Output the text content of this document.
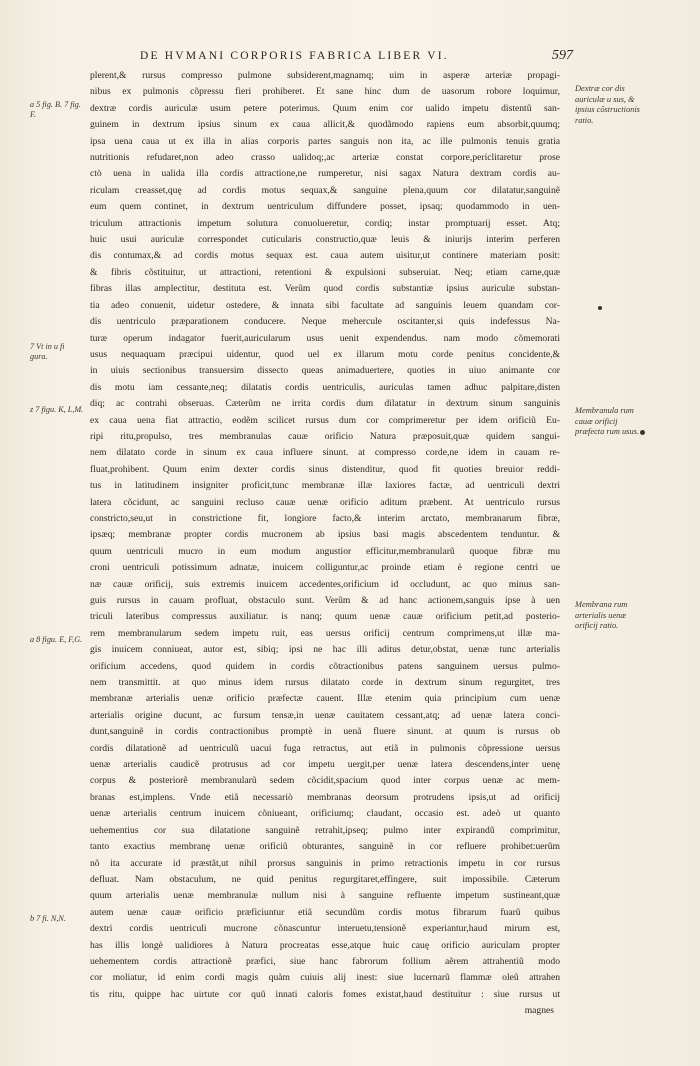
DE HVMANI CORPORIS FABRICA LIBER VI.	597
plerent,& rursus compresso pulmone subsiderent,magnamq; uim in asperæ arteriæ propagi-
nibus ex pulmonis cõpressu fieri prohiberet. Et sane hinc dum de uasorum robore loquimur,
dextræ cordis auriculæ usum petere poterimus. Quum enim cor ualido impetu distentũ san-
guinem in dextrum ipsius sinum ex caua allicit,& quodãmodo rapiens eum absorbit,quumq;
ipsa uena caua ut ex illa in alias corporis partes sanguis non ita, ac ille pulmonis tenuis gratia
nutritionis refudaret,non adeo crasso ualidoq;,ac arteriæ constat corpore,periclitaretur prose
ctò uena in ualida illa cordis attractione,ne rumperetur, nisi sagax Natura dextram cordis au-
riculam creasset,quę ad cordis motus sequax,& sanguine plena,quum cor dilatatur,sanguinẽ
eum quem continet, in dextrum uentriculum diffundere posset, ipsaq; quodammodo in uen-
triculum attractionis impetum solutura conuolueretur, cordiq; instar promptuarij esset. Atq;
huic usui auriculæ correspondet cuticularis constructio,quæ leuis & iniurijs interim perferen
dis contumax,& ad cordis motus sequax est. caua autem uisitur,ut continere materiam posit:
& fibris cõstituitur, ut attractioni, retentioni & expulsioni subseruiat. Neq; etiam carne,quæ
fibras illas amplectitur, destituta est. Verũm quod cordis substantiæ ipsius auriculæ substan-
tia adeo conuenit, uidetur ostedere, & innata sibi facultate ad sanguinis leuem quandam cor-
dis uentriculo præparationem conducere. Neque mehercule oscitanter,si quis indefessus Na-
turæ operum indagator fuerit,auricularum usus uenit expendendus. nam modo cõmemorati
usus nequaquam præcipui uidentur, quod uel ex illarum motu corde penitus concidente,&
in uiuis sectionibus transuersim dissecto queas animaduertere, quoties in uiuo animante cor
dis motu iam cessante,neq; dilatatis cordis uentriculis, auriculas tamen adhuc palpitare,disten
diq; ac contrahi obseruas. Cæterũm ne irrita cordis dum dilatatur in dextrum sinum sanguinis
ex caua uena fiat attractio, eodẽm scilicet rursus dum cor comprimeretur per idem orificiũ Eu-
ripi ritu,propulso, tres membranulas cauæ orificio Natura præposuit,quæ quidem sangui-
nem dilatato corde in sinum ex caua influere sinunt. at compresso corde,ne idem in cauam re-
fluat,prohibent. Quum enim dexter cordis sinus distenditur, quod fit quoties breuior reddi-
tus in latitudinem insigniter proficit,tunc membranæ illæ laxiores factæ, ad uentriculi dextri
latera cõcidunt, ac sanguini recluso cauæ uenæ orificio aditum præbent. At uentriculo rursus
constricto,seu,ut in constrictione fit, longiore facto,& interim arctato, membranarum fibræ,
ipsæq; membranæ propter cordis mucronem ab ipsius basi magis abscedentem tenduntur. &
quum uentriculi mucro in eum modum angustior efficitur,membranularũ quoque fibræ mu
croni uentriculi potissimum adnatæ, inuicem colliguntur,ac proinde etiam è regione centri ue
næ cauæ orificij, suis extremis inuicem accedentes,orificium id occludunt, ac quo minus san-
guis rursus in cauam profluat, obstaculo sunt. Verũm & ad hanc actionem,sanguis ipse à uen
triculi lateribus compressus auxiliatur. is nanq; quum uenæ cauæ orificium petit,ad posterio-
rem membranularum sedem impetu ruit, eas uersus orificij centrum comprimens,ut illæ ma-
gis inuicem conniueat, autor est, sibiq; ipsi ne hac illi aditus detur,obstat, uenæ tunc arterialis
orificium accedens, quod quidem in cordis cõtractionibus patens sanguinem uersus pulmo-
nem transmittit. at quo minus idem rursus dilatato corde in dextrum sinum regurgitet, tres
membranæ arterialis uenæ orificio præfectæ cauent. Illæ etenim quia principium cum uenæ
arterialis origine ducunt, ac fursum tensæ,in uenæ cauitatem cessant,atq; ad uenæ latera conci-
dunt,sanguinẽ in cordis contractionibus promptè in uenã fluere sinunt. at quum is rursus ob
cordis dilatationẽ ad uentriculũ uacui fuga retractus, aut etiã in pulmonis cõpressione uersus
uenæ arterialis caudicẽ protrusus ad cor impetu uergit,per uenæ latera descendens,inter uenę
corpus & posteriorẽ membranularũ sedem cõcidit,spacium quod inter corpus uenæ ac mem-
branas est,implens. Vnde etiã necessariò membranas deorsum protrudens ipsis,ut ad orificij
uenæ arterialis centrum inuicem cõniueant, orificiumq; claudant, occasio est. adeò ut quanto
uehementius cor sua dilatatione sanguinẽ retrahit,ipseq; pulmo inter expirandũ comprimitur,
tanto exactius membranę uenæ orificiũ obturantes, sanguinẽ in cor refluere prohibet:uerũm
nõ ita accurate id præstãt,ut nihil prorsus sanguinis in primo retractionis impetu in cor rursus
defluat. Nam obstaculum, ne quid penitus regurgitaret,effingere, suit impossibile. Cæterum
quum arterialis uenæ membranulæ nullum nisi à sanguine refluente impetum sustineant,quæ
autem uenæ cauæ orificio præficiuntur etiã secundũm cordis motus fibrarum fuarũ quibus
dextri cordis uentriculi mucrone cõnascuntur interuetu,tensionẽ experiantur,haud mirum est,
has illis longè ualidiores à Natura procreatas esse,atque huic cauę orificio auriculam propter
uehementem cordis attractionẽ præfici, siue hanc fabrorum follium aẽrem attrahentiũ modo
cor moliatur, id enim cordi magis quàm cuiuis alij inest: siue lucernarũ flammæ oleũ attrahen
tis ritu, quippe hac uirtute cor quũ innati caloris fomes existat,haud destituitur : siue rursus ut
magnes
a 5 fig. B. 7 fig. F.
7 Vt in u fi gura.
z 7 figu. K, L,M.
a 8 figu. E, F,G.
b 7 fi. N,N.
Dextræ cor dis auriculæ u sus, & ipsius cõstructionis ratio.
Membranula rum cauæ orificij præfecta rum usus.
Membrana rum arterialis uenæ orificij ratio.
